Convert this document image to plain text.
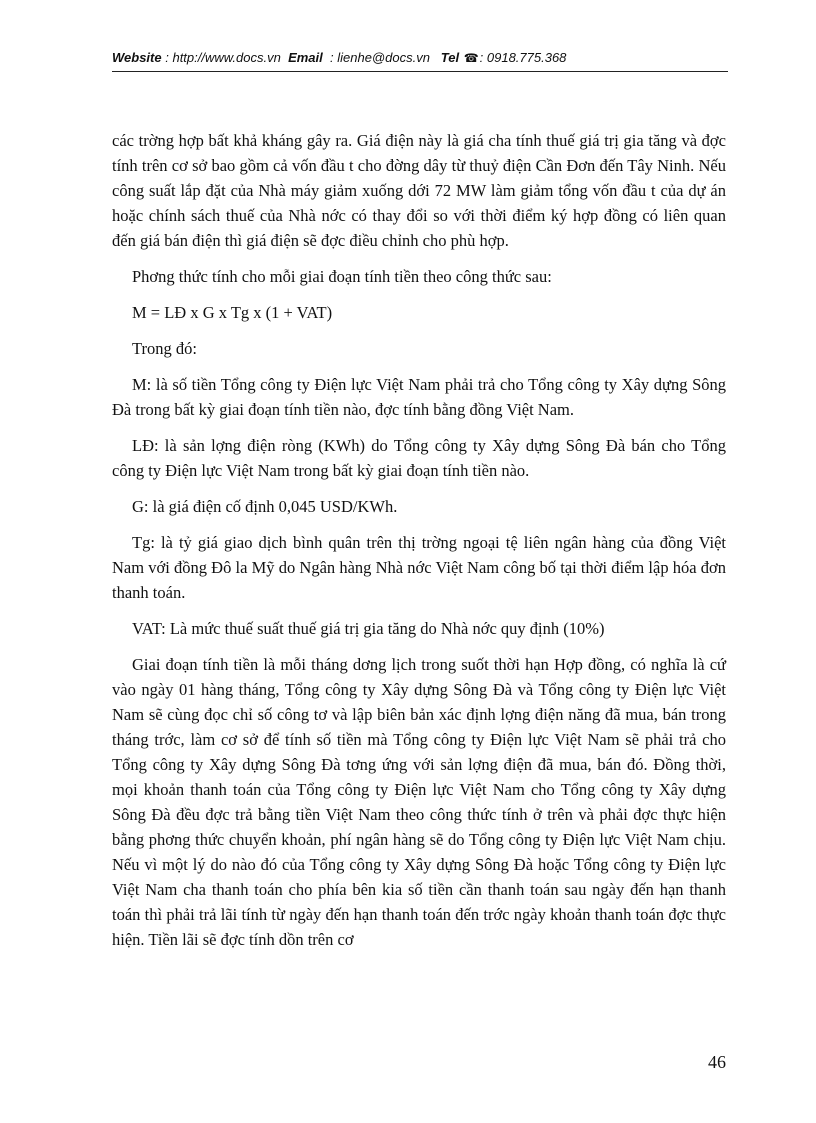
Website : http://www.docs.vn Email : lienhe@docs.vn Tel ☎: 0918.775.368

các trờng hợp bất khả kháng gây ra. Giá điện này là giá cha tính thuế giá trị gia tăng và đợc tính trên cơ sở bao gồm cả vốn đầu t cho đờng dây từ thuỷ điện Cần Đơn đến Tây Ninh. Nếu công suất lắp đặt của Nhà máy giảm xuống dới 72 MW làm giảm tổng vốn đầu t của dự án hoặc chính sách thuế của Nhà nớc có thay đổi so với thời điểm ký hợp đồng có liên quan đến giá bán điện thì giá điện sẽ đợc điều chỉnh cho phù hợp.

Phơng thức tính cho mỗi giai đoạn tính tiền theo công thức sau:

M = LĐ x G x Tg x (1 + VAT)

Trong đó:

M: là số tiền Tổng công ty Điện lực Việt Nam phải trả cho Tổng công ty Xây dựng Sông Đà trong bất kỳ giai đoạn tính tiền nào, đợc tính bằng đồng Việt Nam.

LĐ: là sản lợng điện ròng (KWh) do Tổng công ty Xây dựng Sông Đà bán cho Tổng công ty Điện lực Việt Nam trong bất kỳ giai đoạn tính tiền nào.

G: là giá điện cố định 0,045 USD/KWh.

Tg: là tỷ giá giao dịch bình quân trên thị trờng ngoại tệ liên ngân hàng của đồng Việt Nam với đồng Đô la Mỹ do Ngân hàng Nhà nớc Việt Nam công bố tại thời điểm lập hóa đơn thanh toán.

VAT: Là mức thuế suất thuế giá trị gia tăng do Nhà nớc quy định (10%)

Giai đoạn tính tiền là mỗi tháng dơng lịch trong suốt thời hạn Hợp đồng, có nghĩa là cứ vào ngày 01 hàng tháng, Tổng công ty Xây dựng Sông Đà và Tổng công ty Điện lực Việt Nam sẽ cùng đọc chỉ số công tơ và lập biên bản xác định lợng điện năng đã mua, bán trong tháng trớc, làm cơ sở để tính số tiền mà Tổng công ty Điện lực Việt Nam sẽ phải trả cho Tổng công ty Xây dựng Sông Đà tơng ứng với sản lợng điện đã mua, bán đó. Đồng thời, mọi khoản thanh toán của Tổng công ty Điện lực Việt Nam cho Tổng công ty Xây dựng Sông Đà đều đợc trả bằng tiền Việt Nam theo công thức tính ở trên và phải đợc thực hiện bằng phơng thức chuyển khoản, phí ngân hàng sẽ do Tổng công ty Điện lực Việt Nam chịu. Nếu vì một lý do nào đó của Tổng công ty Xây dựng Sông Đà hoặc Tổng công ty Điện lực Việt Nam cha thanh toán cho phía bên kia số tiền cần thanh toán sau ngày đến hạn thanh toán thì phải trả lãi tính từ ngày đến hạn thanh toán đến trớc ngày khoản thanh toán đợc thực hiện. Tiền lãi sẽ đợc tính dồn trên cơ

46
